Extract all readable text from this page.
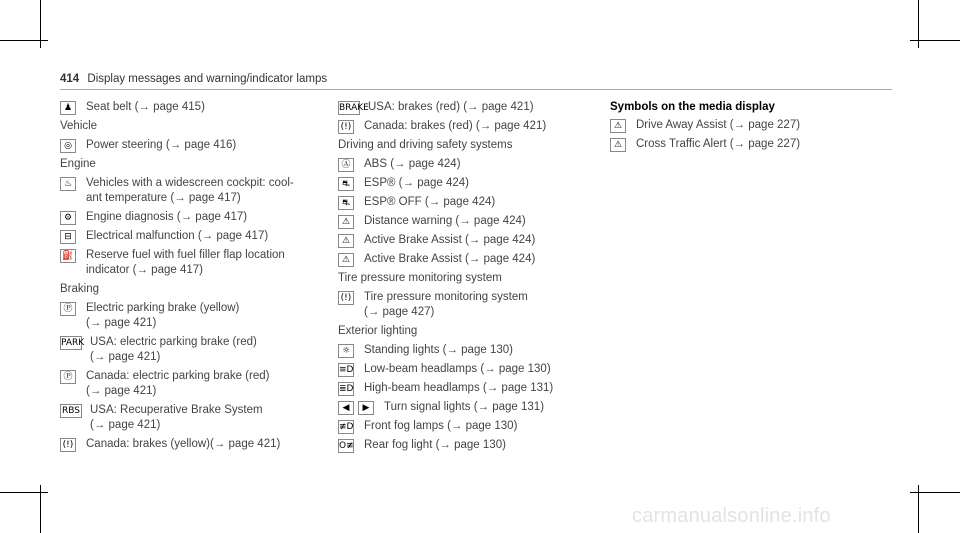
414 Display messages and warning/indicator lamps
♟	Seat belt (→ page 415)
Vehicle
◎	Power steering (→ page 416)
Engine
♨	Vehicles with a widescreen cockpit: cool-
ant temperature (→ page 417)
⚙	Engine diagnosis (→ page 417)
⊟	Electrical malfunction (→ page 417)
⛽ Reserve fuel with fuel filler flap location
indicator (→ page 417)
Braking
Ⓟ	Electric parking brake (yellow)
(→ page 421)
PARK USA: electric parking brake (red)
(→ page 421)
Ⓟ	Canada: electric parking brake (red)
(→ page 421)
RBS USA: Recuperative Brake System
(→ page 421)
(!) Canada: brakes (yellow)(→ page 421)
BRAKE USA: brakes (red) (→ page 421)
(!) Canada: brakes (red) (→ page 421)
Driving and driving safety systems
Ⓐ	ABS (→ page 424)
⛐	ESP® (→ page 424)
⛐	ESP® OFF (→ page 424)
⚠	Distance warning (→ page 424)
⚠	Active Brake Assist (→ page 424)
⚠	Active Brake Assist (→ page 424)
Tire pressure monitoring system
(!) Tire pressure monitoring system
(→ page 427)
Exterior lighting
☼	Standing lights (→ page 130)
≡D Low-beam headlamps (→ page 130)
≣D High-beam headlamps (→ page 131)
◀	▶	Turn signal lights (→ page 131)
≢D Front fog lamps (→ page 130)
O≢ Rear fog light (→ page 130)
Symbols on the media display
⚠	Drive Away Assist (→ page 227)
⚠	Cross Traffic Alert (→ page 227)
carmanualsonline.info
